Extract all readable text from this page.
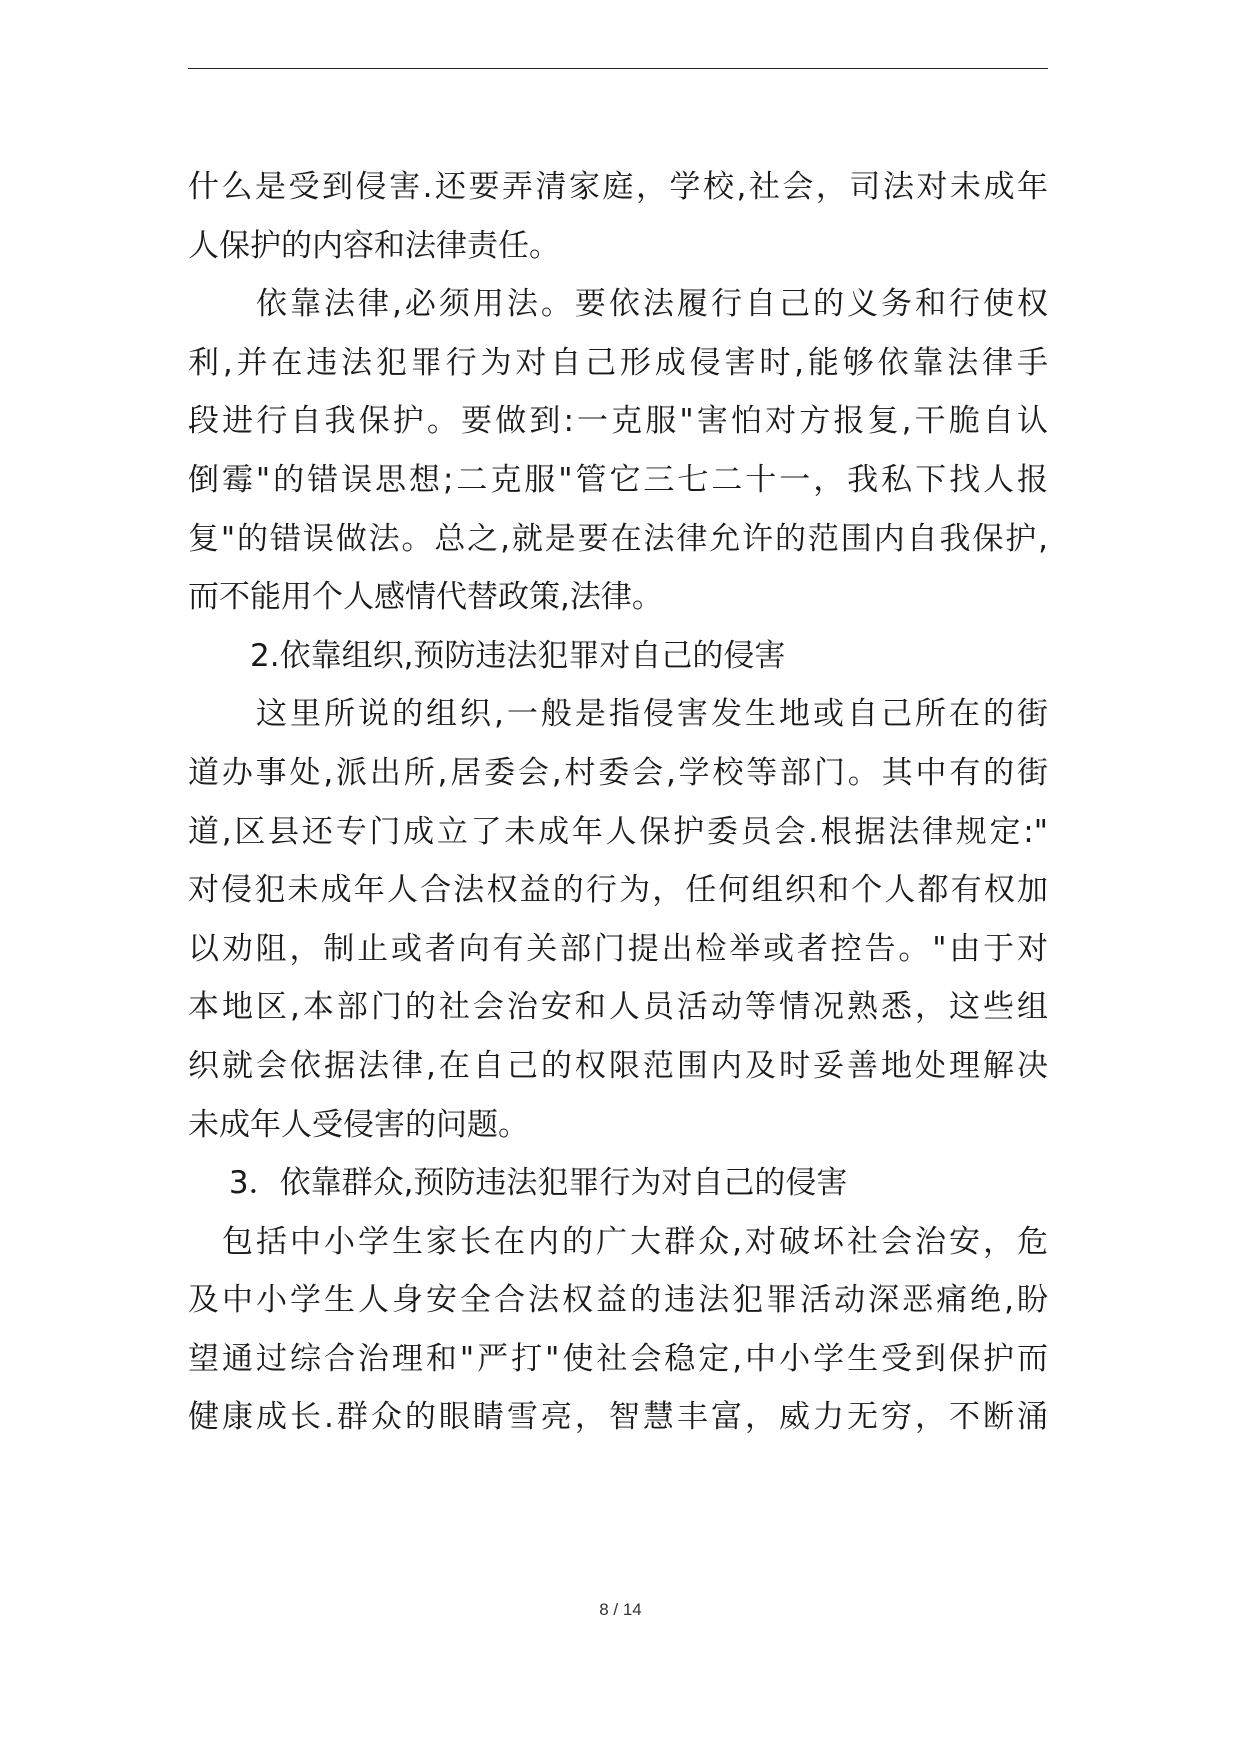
什么是受到侵害.还要弄清家庭，学校,社会，司法对未成年
人保护的内容和法律责任。
　　依靠法律,必须用法。要依法履行自己的义务和行使权
利,并在违法犯罪行为对自己形成侵害时,能够依靠法律手
段进行自我保护。要做到:一克服"害怕对方报复,干脆自认
倒霉"的错误思想;二克服"管它三七二十一，我私下找人报
复"的错误做法。总之,就是要在法律允许的范围内自我保护,
而不能用个人感情代替政策,法律。
　　2.依靠组织,预防违法犯罪对自己的侵害
　　这里所说的组织,一般是指侵害发生地或自己所在的街
道办事处,派出所,居委会,村委会,学校等部门。其中有的街
道,区县还专门成立了未成年人保护委员会.根据法律规定:"
对侵犯未成年人合法权益的行为，任何组织和个人都有权加
以劝阻，制止或者向有关部门提出检举或者控告。"由于对
本地区,本部门的社会治安和人员活动等情况熟悉，这些组
织就会依据法律,在自己的权限范围内及时妥善地处理解决
未成年人受侵害的问题。
　 3．依靠群众,预防违法犯罪行为对自己的侵害
　包括中小学生家长在内的广大群众,对破坏社会治安，危
及中小学生人身安全合法权益的违法犯罪活动深恶痛绝,盼
望通过综合治理和"严打"使社会稳定,中小学生受到保护而
健康成长.群众的眼睛雪亮，智慧丰富，威力无穷，不断涌
8 / 14
